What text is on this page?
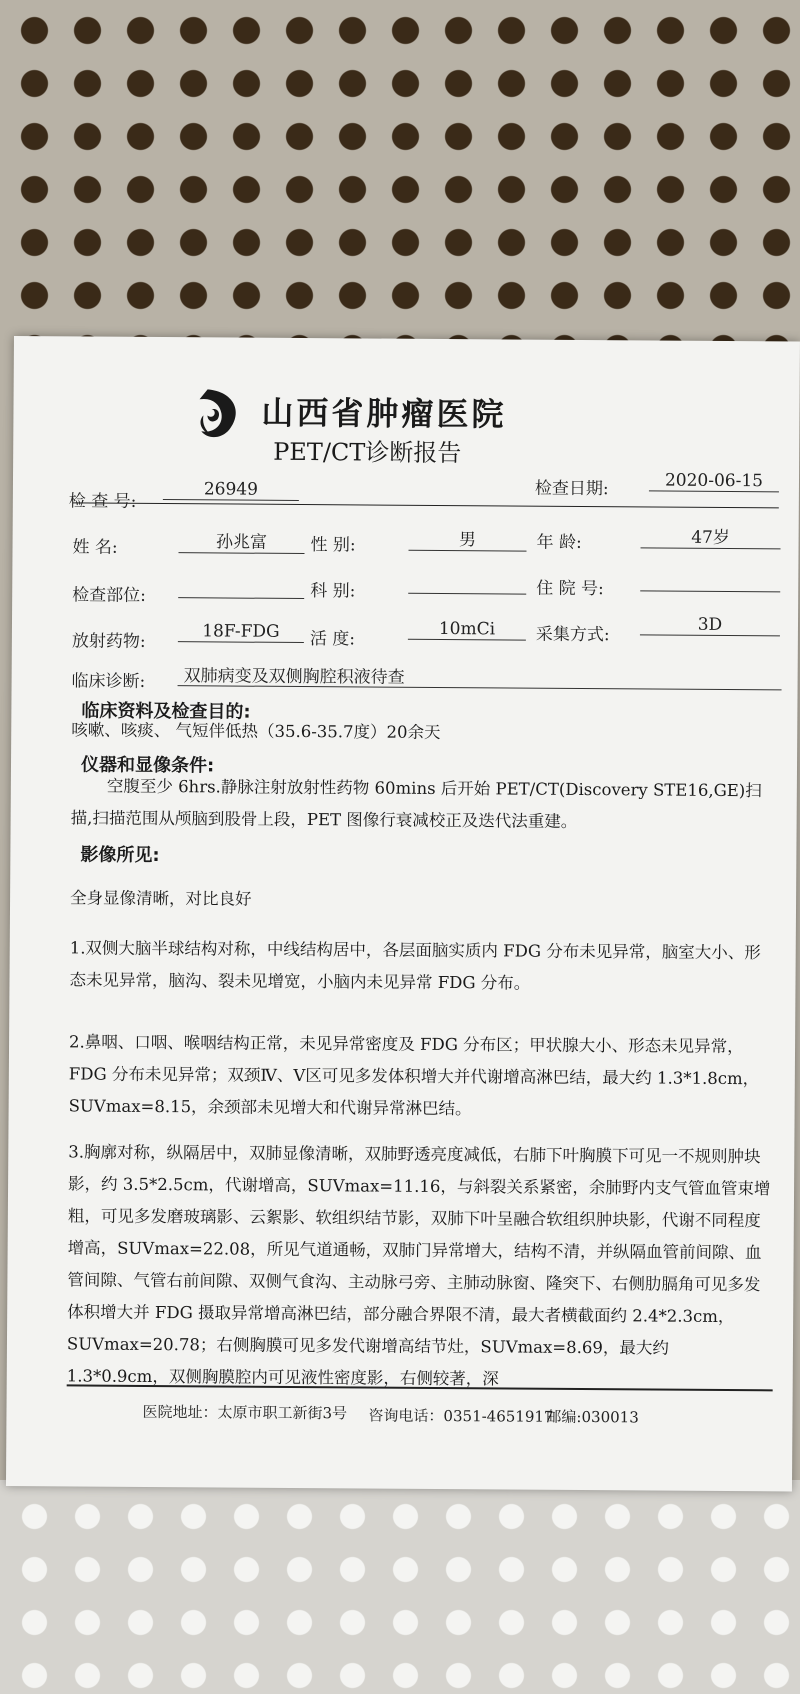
山西省肿瘤医院
PET/CT诊断报告
检 查 号:
26949	检查日期:	2020-06-15
姓 名:	孙兆富	性 别:	男	年 龄:	47岁
检查部位:	科 别:	住 院 号:
放射药物:	18F-FDG	活 度:	10mCi	采集方式:	3D
临床诊断: 双肺病变及双侧胸腔积液待查
临床资料及检查目的:
咳嗽、咳痰、 气短伴低热（35.6-35.7度）20余天
仪器和显像条件:
空腹至少 6hrs.静脉注射放射性药物 60mins 后开始 PET/CT(Discovery STE16,GE)扫描,扫描范围从颅脑到股骨上段，PET 图像行衰减校正及迭代法重建。
影像所见:
全身显像清晰，对比良好
1.双侧大脑半球结构对称，中线结构居中，各层面脑实质内 FDG 分布未见异常，脑室大小、形态未见异常，脑沟、裂未见增宽，小脑内未见异常 FDG 分布。
2.鼻咽、口咽、喉咽结构正常，未见异常密度及 FDG 分布区；甲状腺大小、形态未见异常，FDG 分布未见异常；双颈Ⅳ、Ⅴ区可见多发体积增大并代谢增高淋巴结，最大约 1.3*1.8cm，SUVmax=8.15，余颈部未见增大和代谢异常淋巴结。
3.胸廓对称，纵隔居中，双肺显像清晰，双肺野透亮度减低，右肺下叶胸膜下可见一不规则肿块影，约 3.5*2.5cm，代谢增高，SUVmax=11.16，与斜裂关系紧密，余肺野内支气管血管束增粗，可见多发磨玻璃影、云絮影、软组织结节影，双肺下叶呈融合软组织肿块影，代谢不同程度增高，SUVmax=22.08，所见气道通畅，双肺门异常增大，结构不清，并纵隔血管前间隙、血管间隙、气管右前间隙、双侧气食沟、主动脉弓旁、主肺动脉窗、隆突下、右侧肋膈角可见多发体积增大并 FDG 摄取异常增高淋巴结，部分融合界限不清，最大者横截面约 2.4*2.3cm，SUVmax=20.78；右侧胸膜可见多发代谢增高结节灶，SUVmax=8.69，最大约 1.3*0.9cm，双侧胸膜腔内可见液性密度影，右侧较著，深
医院地址：太原市职工新街3号 咨询电话：0351-4651917
邮编:030013
